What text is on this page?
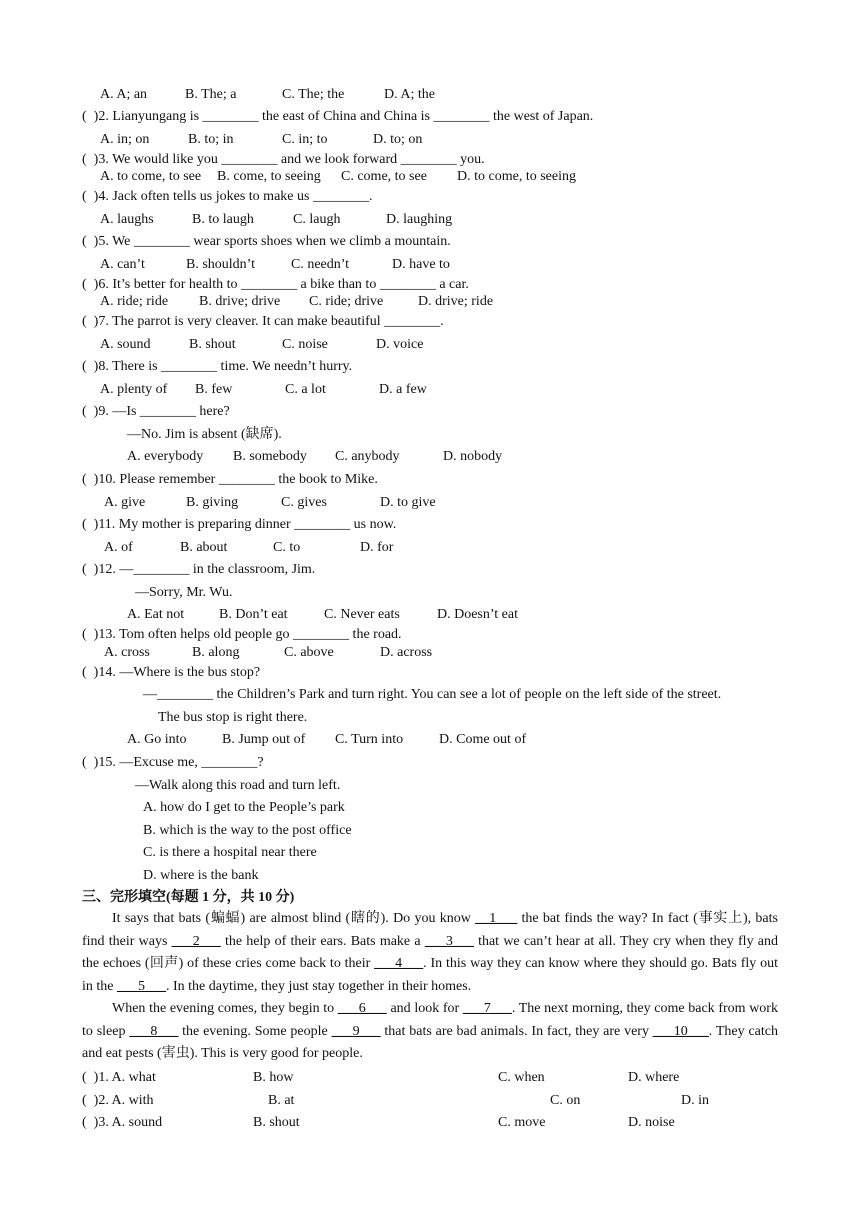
A. A; an	B. The; a	C. The; the	D. A; the
(  )2. Lianyungang is ________ the east of China and China is ________ the west of Japan.
A. in; on	B. to; in	C. in; to	D. to; on
(  )3. We would like you ________ and we look forward ________ you.
A. to come, to see B. come, to seeing C. come, to see D. to come, to seeing
(  )4. Jack often tells us jokes to make us ________.
A. laughs	B. to laugh	C. laugh	D. laughing
(  )5. We ________ wear sports shoes when we climb a mountain.
A. can’t	B. shouldn’t	C. needn’t	D. have to
(  )6. It’s better for health to ________ a bike than to ________ a car.
A. ride; ride B. drive; drive C. ride; drive D. drive; ride
(  )7. The parrot is very cleaver. It can make beautiful ________.
A. sound	B. shout	C. noise	D. voice
(  )8. There is ________ time. We needn’t hurry.
A. plenty of B. few	C. a lot	D. a few
(  )9. —Is ________ here?
—No. Jim is absent (缺席).
A. everybody B. somebody C. anybody	D. nobody
(  )10. Please remember ________ the book to Mike.
A. give	B. giving	C. gives	D. to give
(  )11. My mother is preparing dinner ________ us now.
A. of	B. about	C. to	D. for
(  )12. —________ in the classroom, Jim.
—Sorry, Mr. Wu.
A. Eat not B. Don’t eat	C. Never eats	D. Doesn’t eat
(  )13. Tom often helps old people go ________ the road.
A. cross	B. along	C. above	D. across
(  )14. —Where is the bus stop?
—________ the Children’s Park and turn right. You can see a lot of people on the left side of the street.
The bus stop is right there.
A. Go into	B. Jump out of C. Turn into	D. Come out of
(  )15. —Excuse me, ________?
—Walk along this road and turn left.
A. how do I get to the People’s park
B. which is the way to the post office
C. is there a hospital near there
D. where is the bank
三、完形填空(每题 1 分，共 10 分)
It says that bats (蝙蝠) are almost blind (瞎的). Do you know __1___ the bat finds the way? In fact (事实上), bats find their ways ___2___ the help of their ears. Bats make a ___3___ that we can’t hear at all. They cry when they fly and the echoes (回声) of these cries come back to their ___4___. In this way they can know where they should go. Bats fly out in the ___5___. In the daytime, they just stay together in their homes.
When the evening comes, they begin to ___6___ and look for ___7___. The next morning, they come back from work to sleep ___8___ the evening. Some people ___9___ that bats are bad animals. In fact, they are very ___10___. They catch and eat pests (害虫). This is very good for people.
(  )1. A. what	B. how	C. when	D. where
(  )2. A. with	B. at	C. on	D. in
(  )3. A. sound	B. shout	C. move	D. noise
